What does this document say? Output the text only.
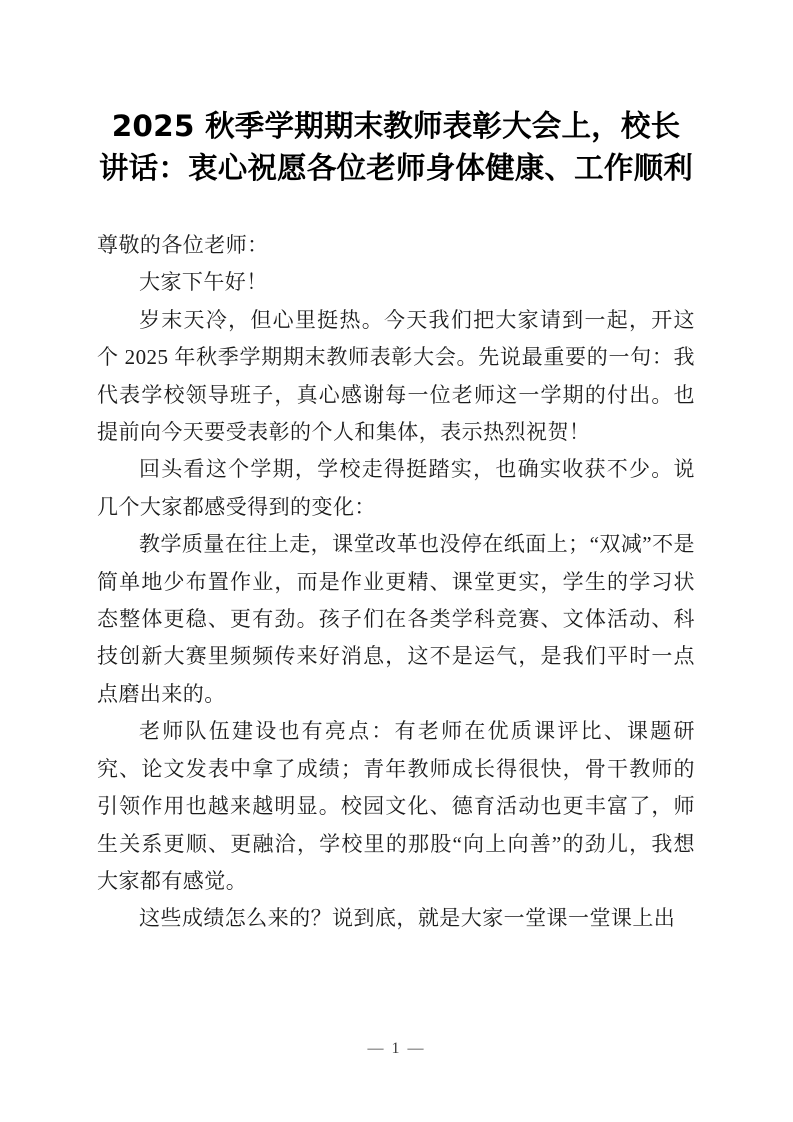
2025 秋季学期期末教师表彰大会上，校长讲话：衷心祝愿各位老师身体健康、工作顺利

尊敬的各位老师：

大家下午好！

岁末天冷，但心里挺热。今天我们把大家请到一起，开这个 2025 年秋季学期期末教师表彰大会。先说最重要的一句：我代表学校领导班子，真心感谢每一位老师这一学期的付出。也提前向今天要受表彰的个人和集体，表示热烈祝贺！

回头看这个学期，学校走得挺踏实，也确实收获不少。说几个大家都感受得到的变化：

教学质量在往上走，课堂改革也没停在纸面上；“双减”不是简单地少布置作业，而是作业更精、课堂更实，学生的学习状态整体更稳、更有劲。孩子们在各类学科竞赛、文体活动、科技创新大赛里频频传来好消息，这不是运气，是我们平时一点点磨出来的。

老师队伍建设也有亮点：有老师在优质课评比、课题研究、论文发表中拿了成绩；青年教师成长得很快，骨干教师的引领作用也越来越明显。校园文化、德育活动也更丰富了，师生关系更顺、更融洽，学校里的那股“向上向善”的劲儿，我想大家都有感觉。

这些成绩怎么来的？说到底，就是大家一堂课一堂课上出

— 1 —
